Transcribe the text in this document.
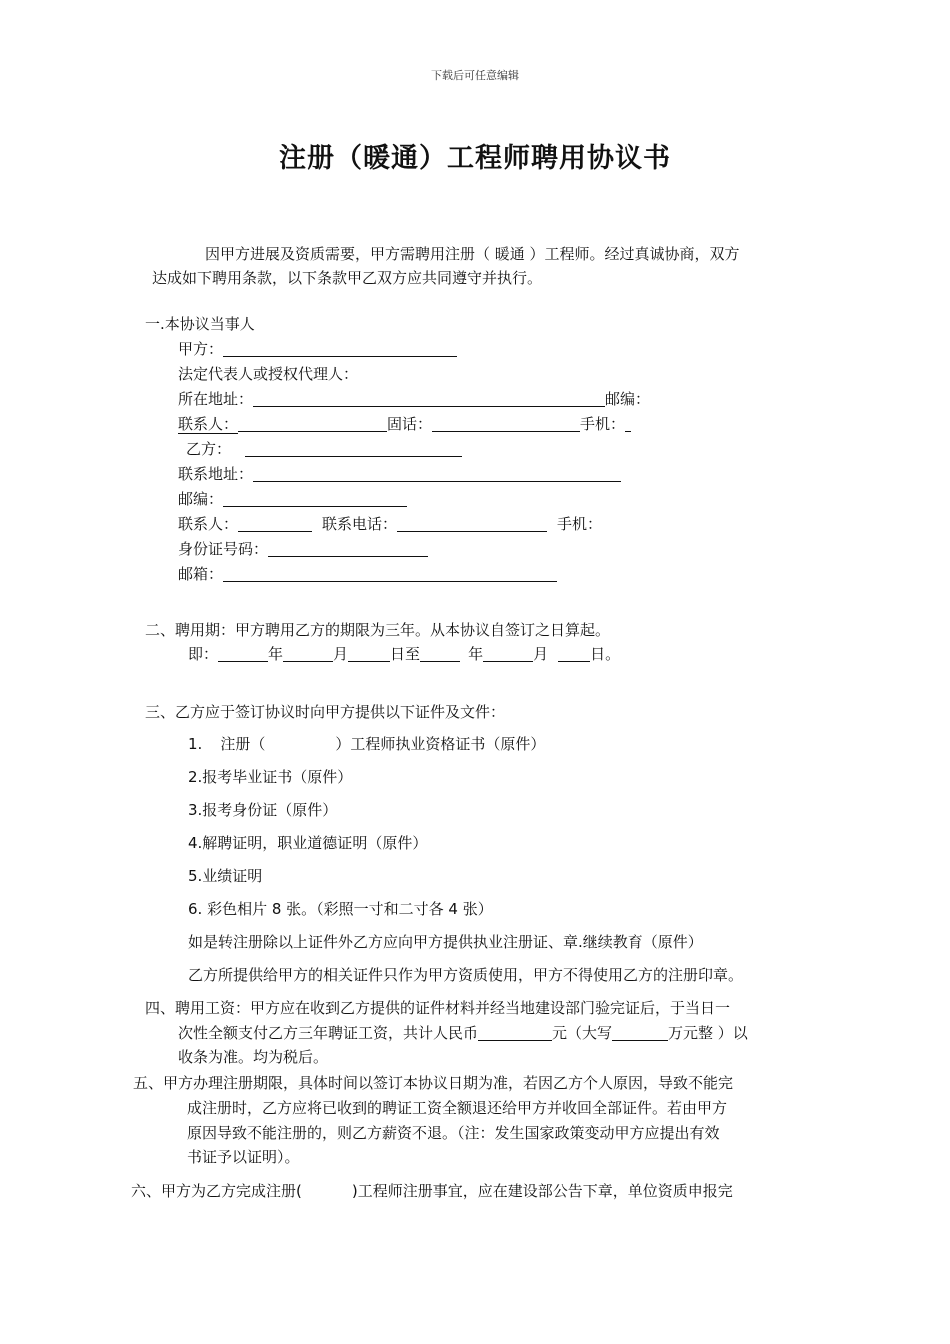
下载后可任意编辑
注册（暖通）工程师聘用协议书
因甲方进展及资质需要，甲方需聘用注册（ 暖通 ）工程师。经过真诚协商，双方
达成如下聘用条款，以下条款甲乙双方应共同遵守并执行。
一.本协议当事人
甲方：
法定代表人或授权代理人：
所在地址：	邮编：
联系人：	固话：	手机：
乙方：
联系地址：
邮编：
联系人：	联系电话：	手机：
身份证号码：
邮箱：
二、聘用期：甲方聘用乙方的期限为三年。从本协议自签订之日算起。
即：	年	月	日至	年	月	日。
三、乙方应于签订协议时向甲方提供以下证件及文件：
1. 注册（	）工程师执业资格证书（原件）
2.报考毕业证书（原件）
3.报考身份证（原件）
4.解聘证明，职业道德证明（原件）
5.业绩证明
6. 彩色相片 8 张。（彩照一寸和二寸各 4 张）
如是转注册除以上证件外乙方应向甲方提供执业注册证、章.继续教育（原件）
乙方所提供给甲方的相关证件只作为甲方资质使用，甲方不得使用乙方的注册印章。
四、聘用工资：甲方应在收到乙方提供的证件材料并经当地建设部门验完证后，于当日一
次性全额支付乙方三年聘证工资，共计人民币	元（大写	万元整 ）以
收条为准。均为税后。
五、甲方办理注册期限，具体时间以签订本协议日期为准，若因乙方个人原因，导致不能完
成注册时，乙方应将已收到的聘证工资全额退还给甲方并收回全部证件。若由甲方
原因导致不能注册的，则乙方薪资不退。（注：发生国家政策变动甲方应提出有效
书证予以证明）。
六、甲方为乙方完成注册(	)工程师注册事宜，应在建设部公告下章，单位资质申报完
